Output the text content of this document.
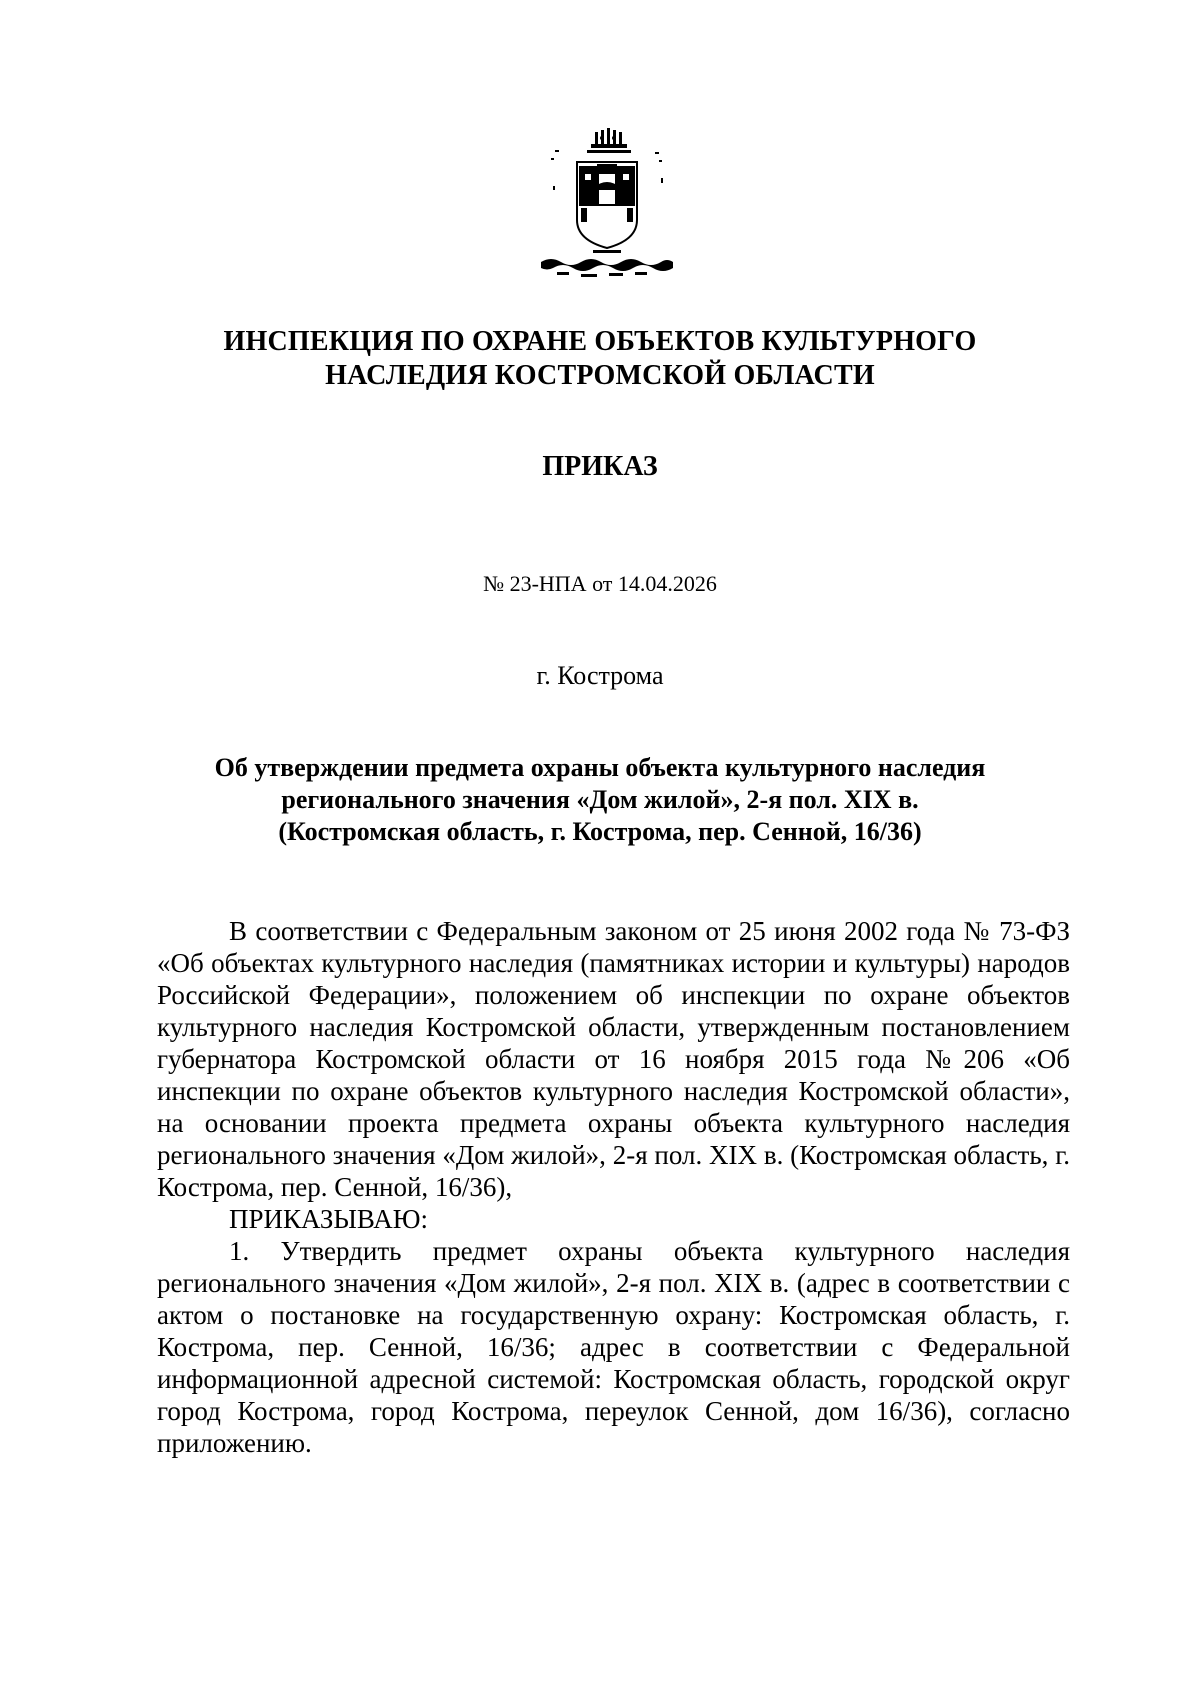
ИНСПЕКЦИЯ ПО ОХРАНЕ ОБЪЕКТОВ КУЛЬТУРНОГО
НАСЛЕДИЯ КОСТРОМСКОЙ ОБЛАСТИ
ПРИКАЗ
№ 23-НПА от 14.04.2026
г. Кострома
Об утверждении предмета охраны объекта культурного наследия
регионального значения «Дом жилой», 2-я пол. XIX в.
(Костромская область, г. Кострома, пер. Сенной, 16/36)

В соответствии с Федеральным законом от 25 июня 2002 года № 73-ФЗ «Об объектах культурного наследия (памятниках истории и культуры) народов Российской Федерации», положением об инспекции по охране объектов культурного наследия Костромской области, утвержденным постановлением губернатора Костромской области от 16 ноября 2015 года №206 «Об инспекции по охране объектов культурного наследия Костромской области», на основании проекта предмета охраны объекта культурного наследия регионального значения «Дом жилой», 2-я пол. XIX в. (Костромская область, г. Кострома, пер. Сенной, 16/36),

ПРИКАЗЫВАЮ:

1. Утвердить предмет охраны объекта культурного наследия регионального значения «Дом жилой», 2-я пол. XIX в. (адрес в соответствии с актом о постановке на государственную охрану: Костромская область, г. Кострома, пер. Сенной, 16/36; адрес в соответствии с Федеральной информационной адресной системой: Костромская область, городской округ город Кострома, город Кострома, переулок Сенной, дом 16/36), согласно приложению.
